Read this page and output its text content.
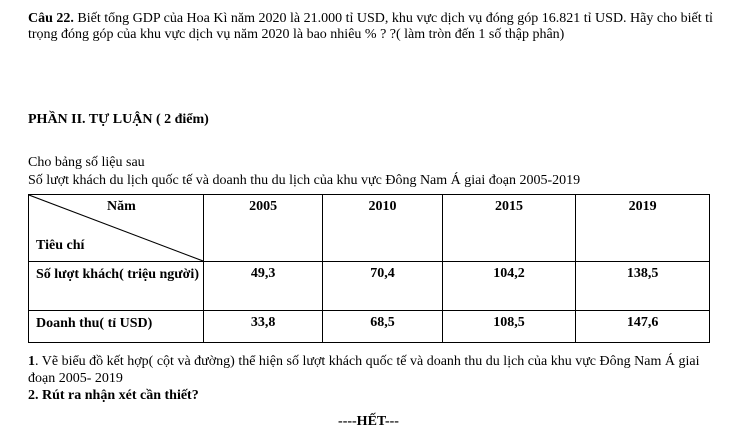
Câu 22. Biết tổng GDP của Hoa Kì năm 2020 là 21.000 tỉ USD, khu vực dịch vụ đóng góp 16.821 tỉ USD. Hãy cho biết tỉ trọng đóng góp của khu vực dịch vụ năm 2020 là bao nhiêu % ? ?( làm tròn đến 1 số thập phân)
PHẦN II. TỰ LUẬN ( 2 điểm)
Cho bảng số liệu sau
Số lượt khách du lịch quốc tế và doanh thu du lịch của khu vực Đông Nam Á giai đoạn 2005-2019
Năm
Tiêu chí	2005	2010	2015	2019
Số lượt khách( triệu người)	49,3	70,4	104,2	138,5
Doanh thu( tỉ USD)	33,8	68,5	108,5	147,6

1. Vẽ biểu đồ kết hợp( cột và đường) thể hiện số lượt khách quốc tế và doanh thu du lịch của khu vực Đông Nam Á giai đoạn 2005- 2019

2. Rút ra nhận xét cần thiết?

----HẾT---
